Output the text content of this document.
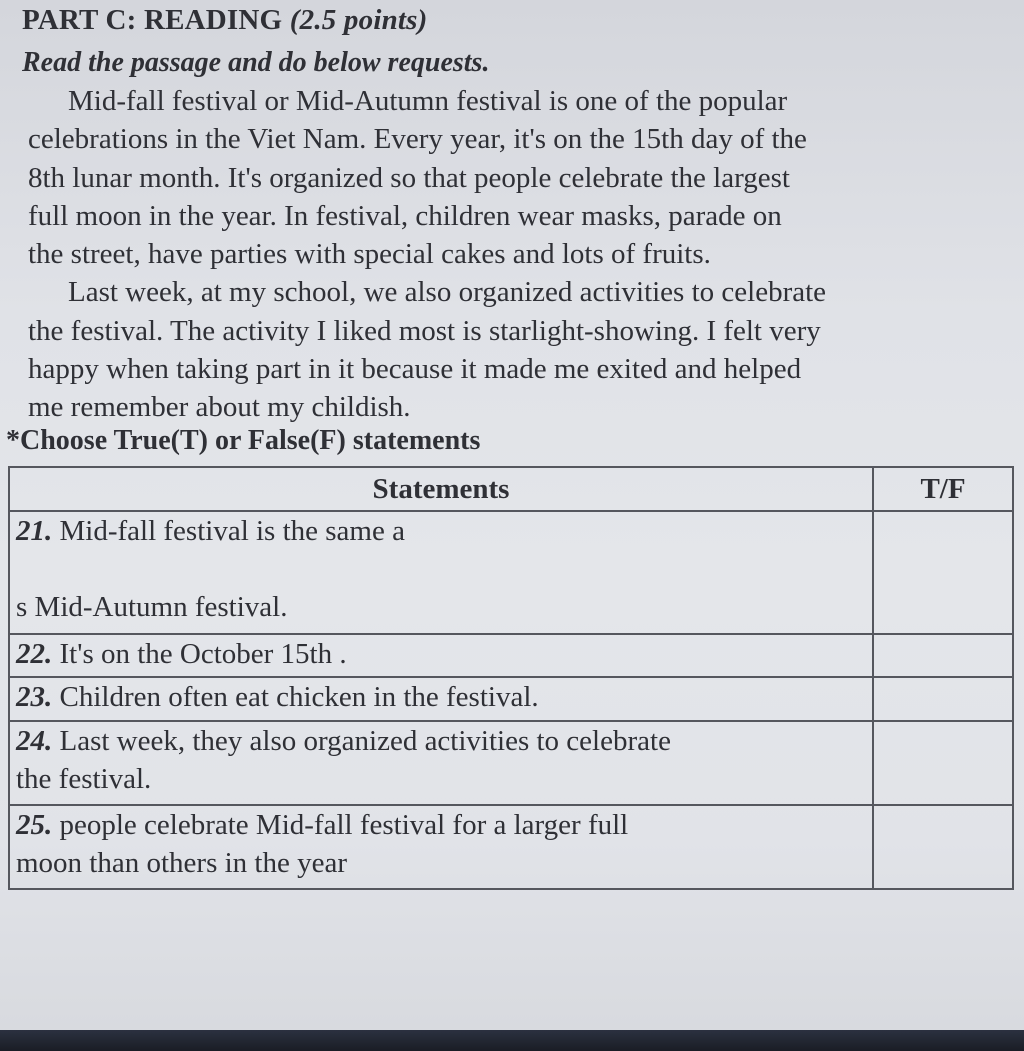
PART C: READING (2.5 points)
Read the passage and do below requests.

Mid-fall festival or Mid-Autumn festival is one of the popular
celebrations in the Viet Nam. Every year, it's on the 15th day of the
8th lunar month. It's organized so that people celebrate the largest
full moon in the year. In festival, children wear masks, parade on
the street, have parties with special cakes and lots of fruits.

Last week, at my school, we also organized activities to celebrate
the festival. The activity I liked most is starlight-showing. I felt very
happy when taking part in it because it made me exited and helped
me remember about my childish.

*Choose True(T) or False(F) statements
Statements	T/F
21. Mid-fall festival is the same a

s Mid-Autumn festival.	
22. It's on the October 15th .	
23. Children often eat chicken in the festival.	
24. Last week, they also organized activities to celebrate
the festival.	
25. people celebrate Mid-fall festival for a larger full
moon than others in the year	
